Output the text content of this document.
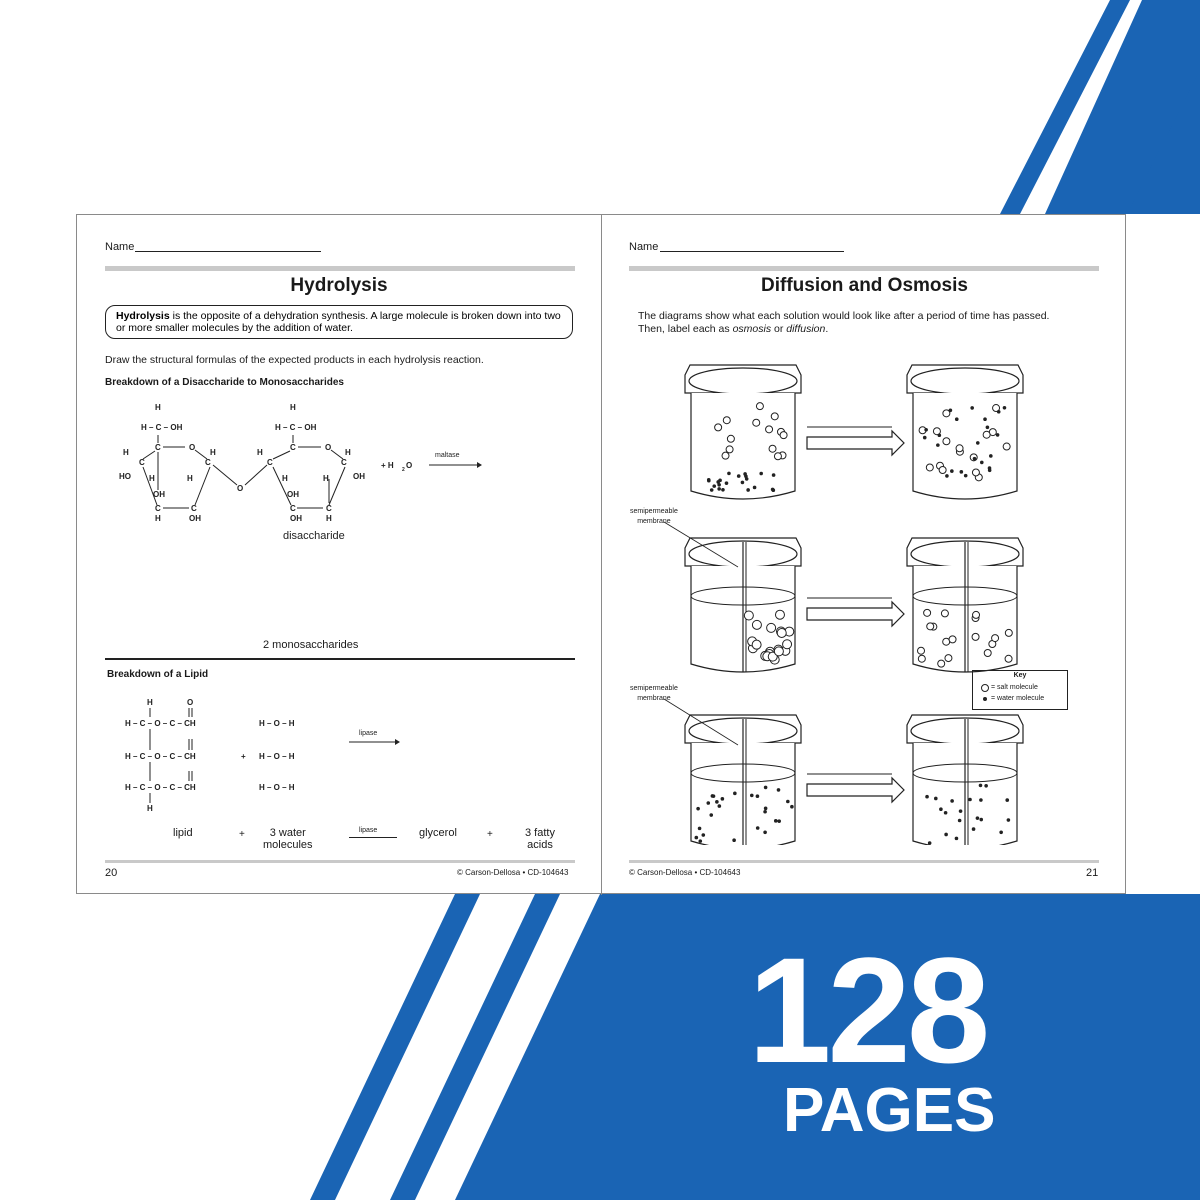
128
PAGES
Name
Hydrolysis
Hydrolysis is the opposite of a dehydration synthesis. A large molecule is broken down into two or more smaller molecules by the addition of water.
Draw the structural formulas of the expected products in each hydrolysis reaction.
Breakdown of a Disaccharide to Monosaccharides
H
H – C – OH
C	O
H	H
C	C
HO H	H
OH
C	C
H	OH
O
H
H – C – OH
C	O
H	H
C	C
H	H	OH
OH
C	C
OH	H
+ H 2 O
maltase
disaccharide
2 monosaccharides
Breakdown of a Lipid
H	O
H – C – O – C – CH	H – O – H
H – C – O – C – CH	H – O – H
+
H – C – O – C – CH	H – O – H
H
lipase
lipid	+	3 water
molecules
lipase	glycerol	+	3 fatty
acids
20	© Carson-Dellosa • CD-104643
Name
Diffusion and Osmosis
The diagrams show what each solution would look like after a period of time has passed.
Then, label each as osmosis or diffusion.
semipermeable
membrane
semipermeable
membrane
Key
= salt molecule
= water molecule
© Carson-Dellosa • CD-104643	21
